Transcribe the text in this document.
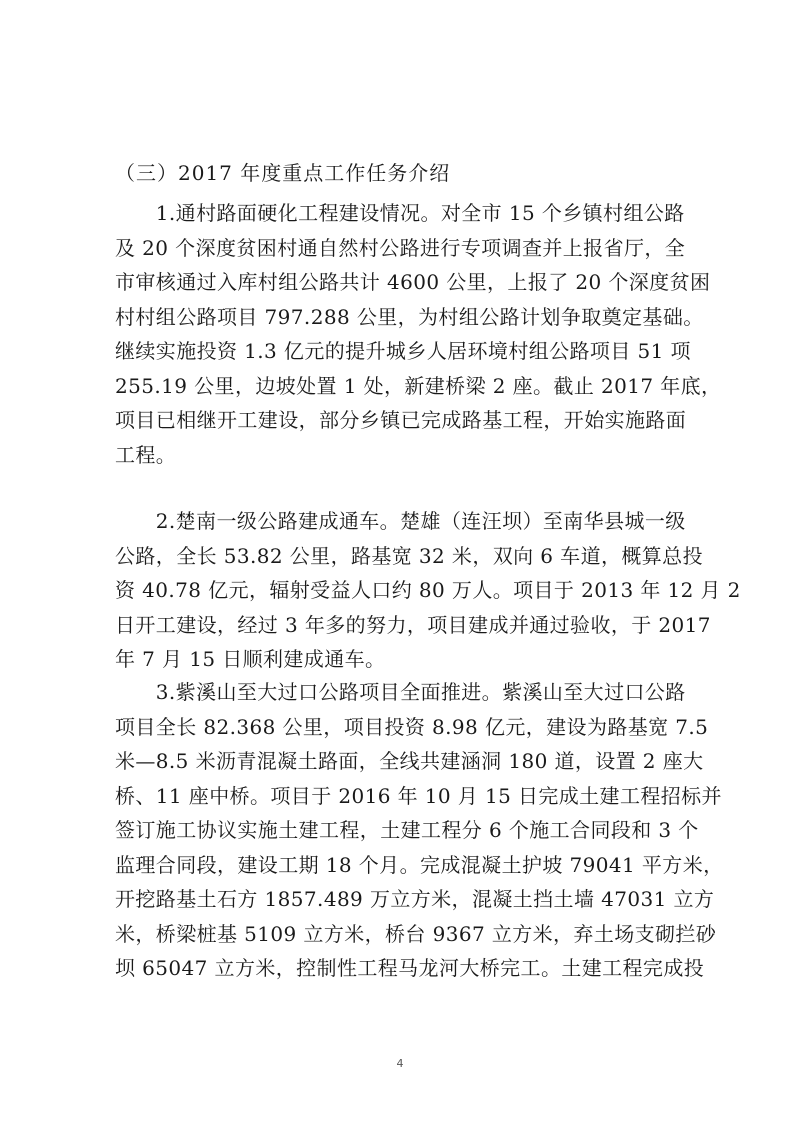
（三）2017 年度重点工作任务介绍
　　1.通村路面硬化工程建设情况。对全市 15 个乡镇村组公路
及 20 个深度贫困村通自然村公路进行专项调查并上报省厅，全
市审核通过入库村组公路共计 4600 公里，上报了 20 个深度贫困
村村组公路项目 797.288 公里，为村组公路计划争取奠定基础。
继续实施投资 1.3 亿元的提升城乡人居环境村组公路项目 51 项
255.19 公里，边坡处置 1 处，新建桥梁 2 座。截止 2017 年底，
项目已相继开工建设，部分乡镇已完成路基工程，开始实施路面
工程。
　　2.楚南一级公路建成通车。楚雄（连汪坝）至南华县城一级
公路，全长 53.82 公里，路基宽 32 米，双向 6 车道，概算总投
资 40.78 亿元，辐射受益人口约 80 万人。项目于 2013 年 12 月 2
日开工建设，经过 3 年多的努力，项目建成并通过验收，于 2017
年 7 月 15 日顺利建成通车。
　　3.紫溪山至大过口公路项目全面推进。紫溪山至大过口公路
项目全长 82.368 公里，项目投资 8.98 亿元，建设为路基宽 7.5
米—8.5 米沥青混凝土路面，全线共建涵洞 180 道，设置 2 座大
桥、11 座中桥。项目于 2016 年 10 月 15 日完成土建工程招标并
签订施工协议实施土建工程，土建工程分 6 个施工合同段和 3 个
监理合同段，建设工期 18 个月。完成混凝土护坡 79041 平方米，
开挖路基土石方 1857.489 万立方米，混凝土挡土墙 47031 立方
米，桥梁桩基 5109 立方米，桥台 9367 立方米，弃土场支砌拦砂
坝 65047 立方米，控制性工程马龙河大桥完工。土建工程完成投

4
